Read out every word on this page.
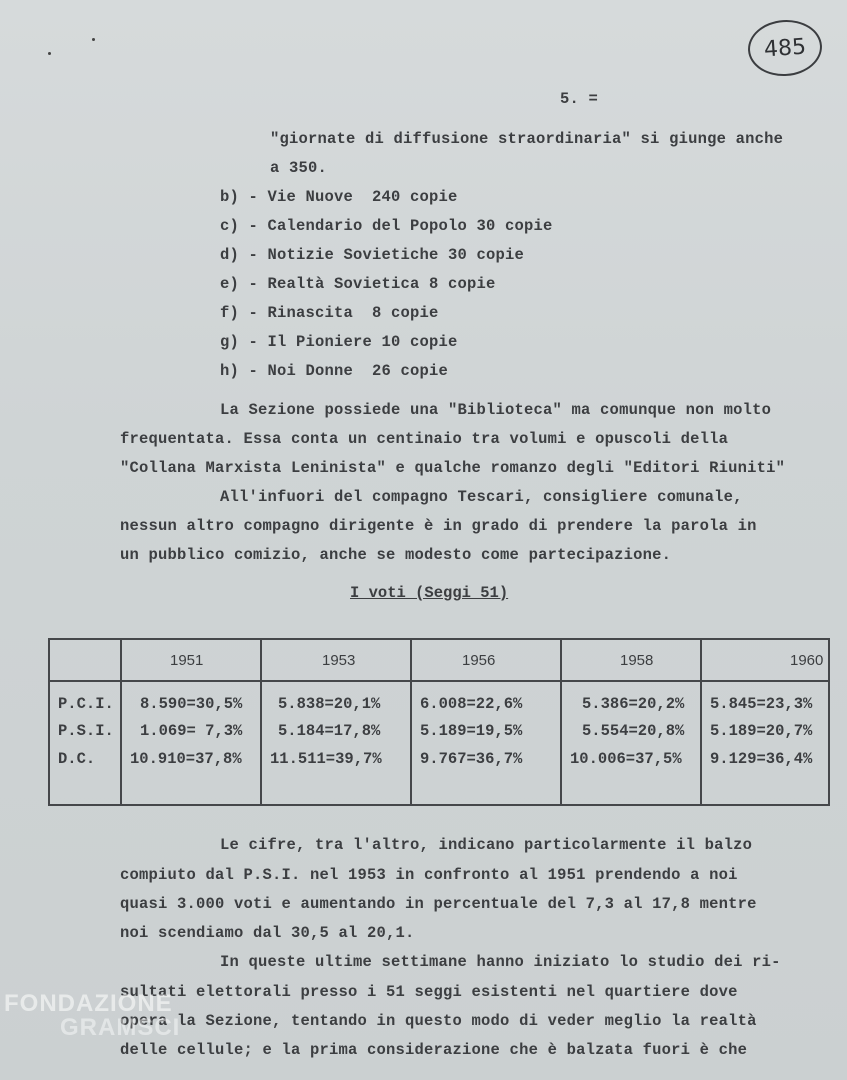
485
5. =
"giornate di diffusione straordinaria" si giunge anche
a 350.
b) - Vie Nuove  240 copie
c) - Calendario del Popolo 30 copie
d) - Notizie Sovietiche 30 copie
e) - Realtà Sovietica 8 copie
f) - Rinascita  8 copie
g) - Il Pioniere 10 copie
h) - Noi Donne  26 copie
La Sezione possiede una "Biblioteca" ma comunque non molto
frequentata. Essa conta un centinaio tra volumi e opuscoli della
"Collana Marxista Leninista" e qualche romanzo degli "Editori Riuniti"
All'infuori del compagno Tescari, consigliere comunale,
nessun altro compagno dirigente è in grado di prendere la parola in
un pubblico comizio, anche se modesto come partecipazione.
I voti (Seggi 51)
1951	1953	1956	1958	1960
P.C.I. 8.590=30,5% 5.838=20,1%	6.008=22,6%	5.386=20,2% 5.845=23,3%
P.S.I. 1.069= 7,3% 5.184=17,8%	5.189=19,5%	5.554=20,8% 5.189=20,7%
D.C. 10.910=37,8% 11.511=39,7% 9.767=36,7%	10.006=37,5% 9.129=36,4%
Le cifre, tra l'altro, indicano particolarmente il balzo
compiuto dal P.S.I. nel 1953 in confronto al 1951 prendendo a noi
quasi 3.000 voti e aumentando in percentuale del 7,3 al 17,8 mentre
noi scendiamo dal 30,5 al 20,1.
In queste ultime settimane hanno iniziato lo studio dei ri-
sultati elettorali presso i 51 seggi esistenti nel quartiere dove
opera la Sezione, tentando in questo modo di veder meglio la realtà
delle cellule; e la prima considerazione che è balzata fuori è che
FONDAZIONE
GRAMSCI
